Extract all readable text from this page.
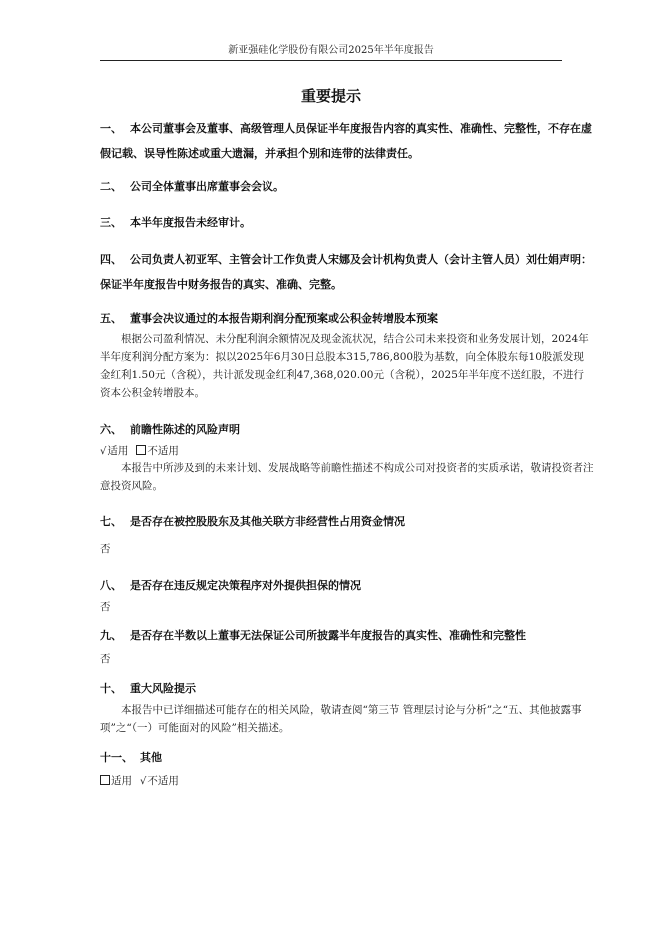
新亚强硅化学股份有限公司2025年半年度报告
重要提示
一、 本公司董事会及董事、高级管理人员保证半年度报告内容的真实性、准确性、完整性，不存在虚假记载、误导性陈述或重大遗漏，并承担个别和连带的法律责任。
二、 公司全体董事出席董事会会议。
三、 本半年度报告未经审计。
四、 公司负责人初亚军、主管会计工作负责人宋娜及会计机构负责人（会计主管人员）刘仕娟声明：保证半年度报告中财务报告的真实、准确、完整。
五、 董事会决议通过的本报告期利润分配预案或公积金转增股本预案
根据公司盈利情况、未分配利润余额情况及现金流状况，结合公司未来投资和业务发展计划，2024年半年度利润分配方案为：拟以2025年6月30日总股本315,786,800股为基数，向全体股东每10股派发现金红利1.50元（含税），共计派发现金红利47,368,020.00元（含税），2025年半年度不送红股，不进行资本公积金转增股本。
六、 前瞻性陈述的风险声明
√适用 不适用
本报告中所涉及到的未来计划、发展战略等前瞻性描述不构成公司对投资者的实质承诺，敬请投资者注意投资风险。
七、 是否存在被控股股东及其他关联方非经营性占用资金情况
否
八、 是否存在违反规定决策程序对外提供担保的情况
否
九、 是否存在半数以上董事无法保证公司所披露半年度报告的真实性、准确性和完整性
否
十、 重大风险提示
本报告中已详细描述可能存在的相关风险，敬请查阅“第三节 管理层讨论与分析”之“五、其他披露事项”之“（一）可能面对的风险”相关描述。
十一、 其他
适用 √不适用
